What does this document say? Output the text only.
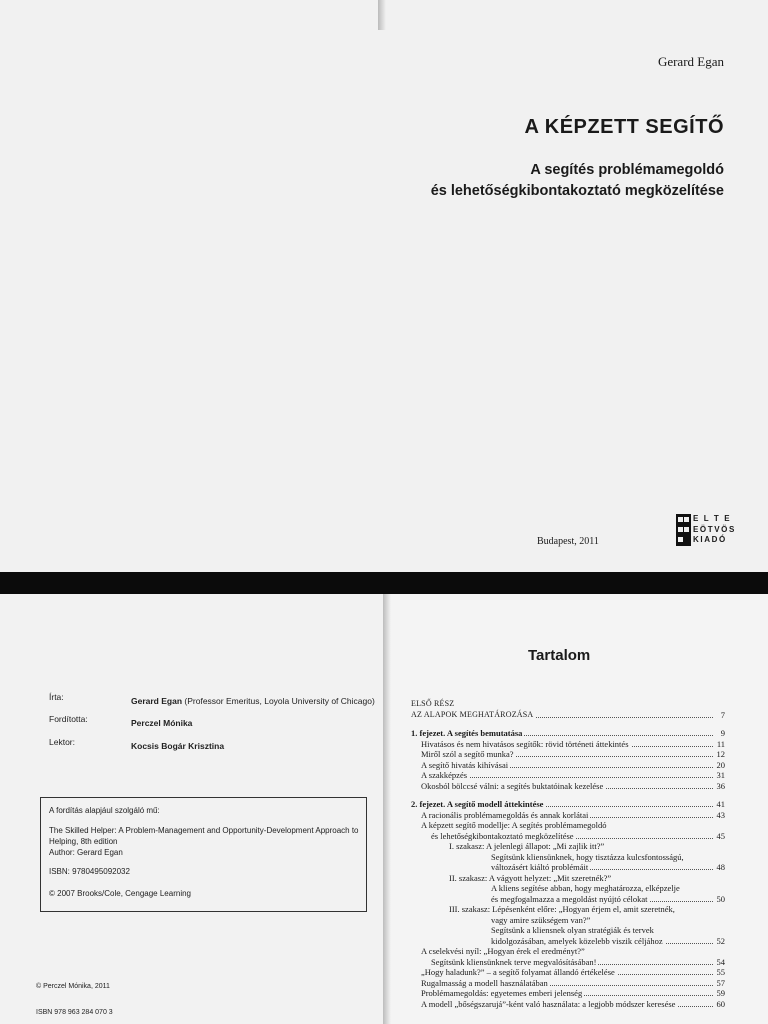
Gerard Egan
A KÉPZETT SEGÍTŐ
A segítés problémamegoldó
és lehetőségkibontakoztató megközelítése
Budapest, 2011
E L T E
EÖTVÖS
KIADÓ
Írta:	Gerard Egan (Professor Emeritus, Loyola University of Chicago)
Fordította:	Perczel Mónika
Lektor:	Kocsis Bogár Krisztina
A fordítás alapjául szolgáló mű:
The Skilled Helper: A Problem-Management and Opportunity-Development Approach to Helping, 8th edition
Author: Gerard Egan
ISBN: 9780495092032
© 2007 Brooks/Cole, Cengage Learning
© Perczel Mónika, 2011
ISBN 978 963 284 070 3
Tartalom
ELSŐ RÉSZ
AZ ALAPOK MEGHATÁROZÁSA	7
1. fejezet. A segítés bemutatása	9
Hivatásos és nem hivatásos segítők: rövid történeti áttekintés	11
Miről szól a segítő munka?	12
A segítő hivatás kihívásai	20
A szakképzés	31
Okosból bölccsé válni: a segítés buktatóinak kezelése	36
2. fejezet. A segítő modell áttekintése	41
A racionális problémamegoldás és annak korlátai	43
A képzett segítő modellje: A segítés problémamegoldó
és lehetőségkibontakoztató megközelítése	45
I. szakasz: A jelenlegi állapot: „Mi zajlik itt?”
Segítsünk kliensünknek, hogy tisztázza kulcsfontosságú,
változásért kiáltó problémáit	48
II. szakasz: A vágyott helyzet: „Mit szeretnék?”
A kliens segítése abban, hogy meghatározza, elképzelje
és megfogalmazza a megoldást nyújtó célokat	50
III. szakasz: Lépésenként előre: „Hogyan érjem el, amit szeretnék,
vagy amire szükségem van?”
Segítsünk a kliensnek olyan stratégiák és tervek
kidolgozásában, amelyek közelebb viszik céljához	52
A cselekvési nyíl: „Hogyan érek el eredményt?”
Segítsünk kliensünknek terve megvalósításában!	54
„Hogy haladunk?” – a segítő folyamat állandó értékelése	55
Rugalmasság a modell használatában	57
Problémamegoldás: egyetemes emberi jelenség	59
A modell „bőségszarujá”-ként való használata: a legjobb módszer keresése	60
